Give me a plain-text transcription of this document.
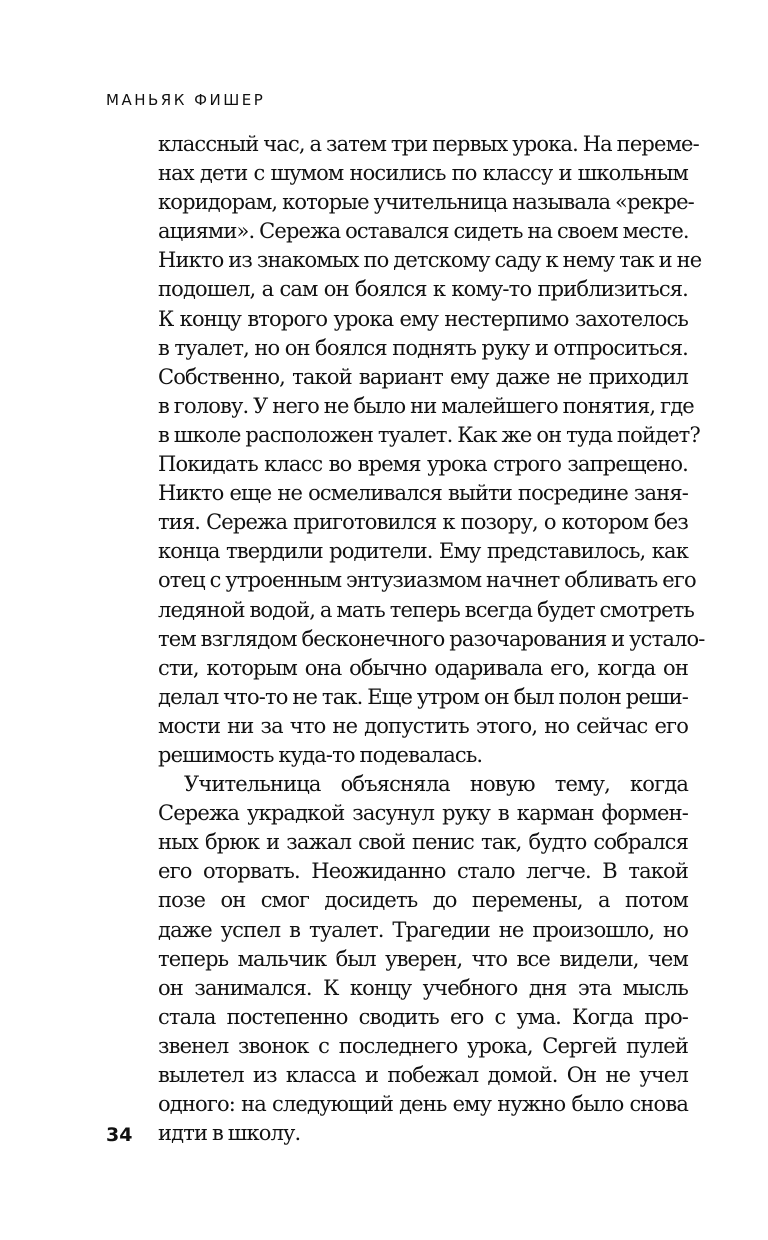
МАНЬЯК ФИШЕР
классный час, а затем три первых урока. На переме-
нах дети с шумом носились по классу и школьным
коридорам, которые учительница называла «рекре-
ациями». Сережа оставался сидеть на своем месте.
Никто из знакомых по детскому саду к нему так и не
подошел, а сам он боялся к кому-то приблизиться.
К концу второго урока ему нестерпимо захотелось
в туалет, но он боялся поднять руку и отпроситься.
Собственно, такой вариант ему даже не приходил
в голову. У него не было ни малейшего понятия, где
в школе расположен туалет. Как же он туда пойдет?
Покидать класс во время урока строго запрещено.
Никто еще не осмеливался выйти посредине заня-
тия. Сережа приготовился к позору, о котором без
конца твердили родители. Ему представилось, как
отец с утроенным энтузиазмом начнет обливать его
ледяной водой, а мать теперь всегда будет смотреть
тем взглядом бесконечного разочарования и устало-
сти, которым она обычно одаривала его, когда он
делал что-то не так. Еще утром он был полон реши-
мости ни за что не допустить этого, но сейчас его
решимость куда-то подевалась.
Учительница объясняла новую тему, когда
Сережа украдкой засунул руку в карман формен-
ных брюк и зажал свой пенис так, будто собрался
его оторвать. Неожиданно стало легче. В такой
позе он смог досидеть до перемены, а потом
даже успел в туалет. Трагедии не произошло, но
теперь мальчик был уверен, что все видели, чем
он занимался. К концу учебного дня эта мысль
стала постепенно сводить его с ума. Когда про-
звенел звонок с последнего урока, Сергей пулей
вылетел из класса и побежал домой. Он не учел
одного: на следующий день ему нужно было снова
идти в школу.
34
